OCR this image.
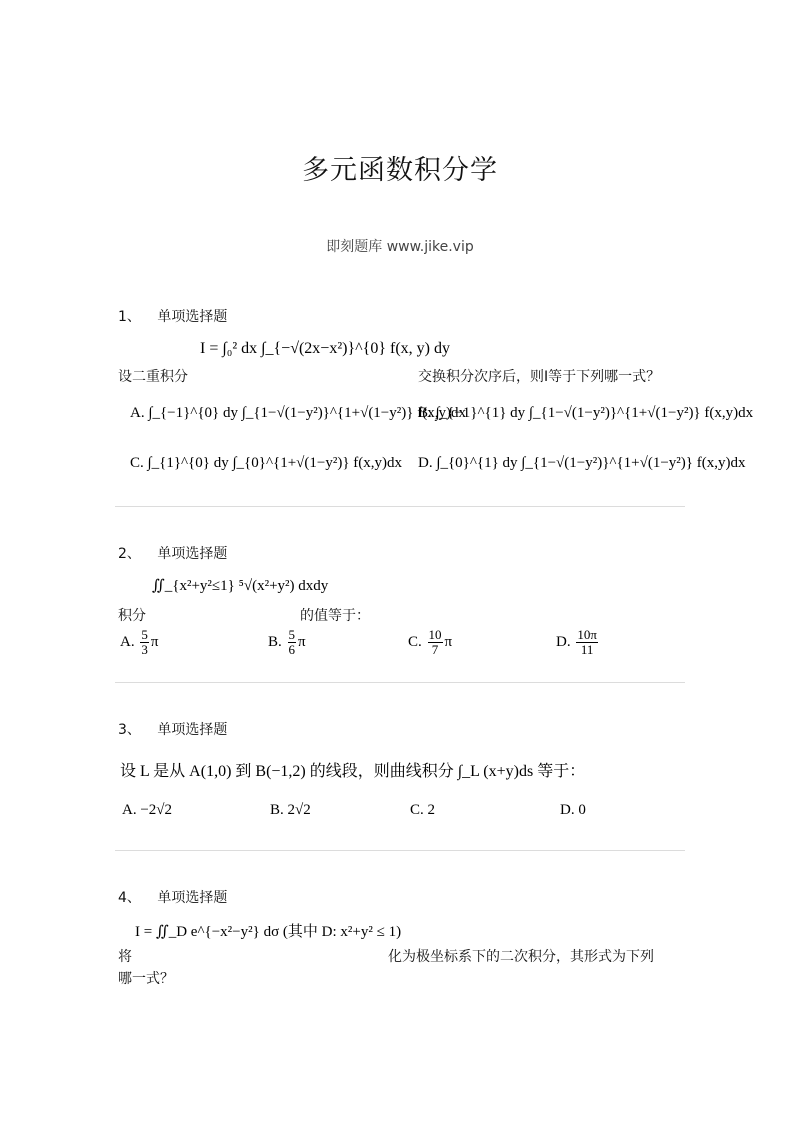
多元函数积分学
即刻题库 www.jike.vip
1、 单项选择题
I = ∫₀² dx ∫_{−√(2x−x²)}^{0} f(x, y) dy
设二重积分	交换积分次序后，则I等于下列哪一式？
A. ∫_{−1}^{0} dy ∫_{1−√(1−y²)}^{1+√(1−y²)} f(x,y)dx
B. ∫_{−1}^{1} dy ∫_{1−√(1−y²)}^{1+√(1−y²)} f(x,y)dx
C. ∫_{1}^{0} dy ∫_{0}^{1+√(1−y²)} f(x,y)dx D. ∫_{0}^{1} dy ∫_{1−√(1−y²)}^{1+√(1−y²)} f(x,y)dx
2、 单项选择题
∬_{x²+y²≤1} ⁵√(x²+y²) dxdy
积分	的值等于：
A. $\frac{5}{3}$ π	B. $\frac{5}{6}$ π	C. $\frac{10}{7}$ π	D. $\frac{10\pi}{11}$
3、 单项选择题
设 L 是从 A(1,0) 到 B(−1,2) 的线段，则曲线积分 ∫_L (x+y)ds 等于：
A. −2√2	B. 2√2	C. 2	D. 0
4、 单项选择题
I = ∬_D e^{−x²−y²} dσ (其中 D: x²+y² ≤ 1)
将	化为极坐标系下的二次积分，其形式为下列
哪一式？
